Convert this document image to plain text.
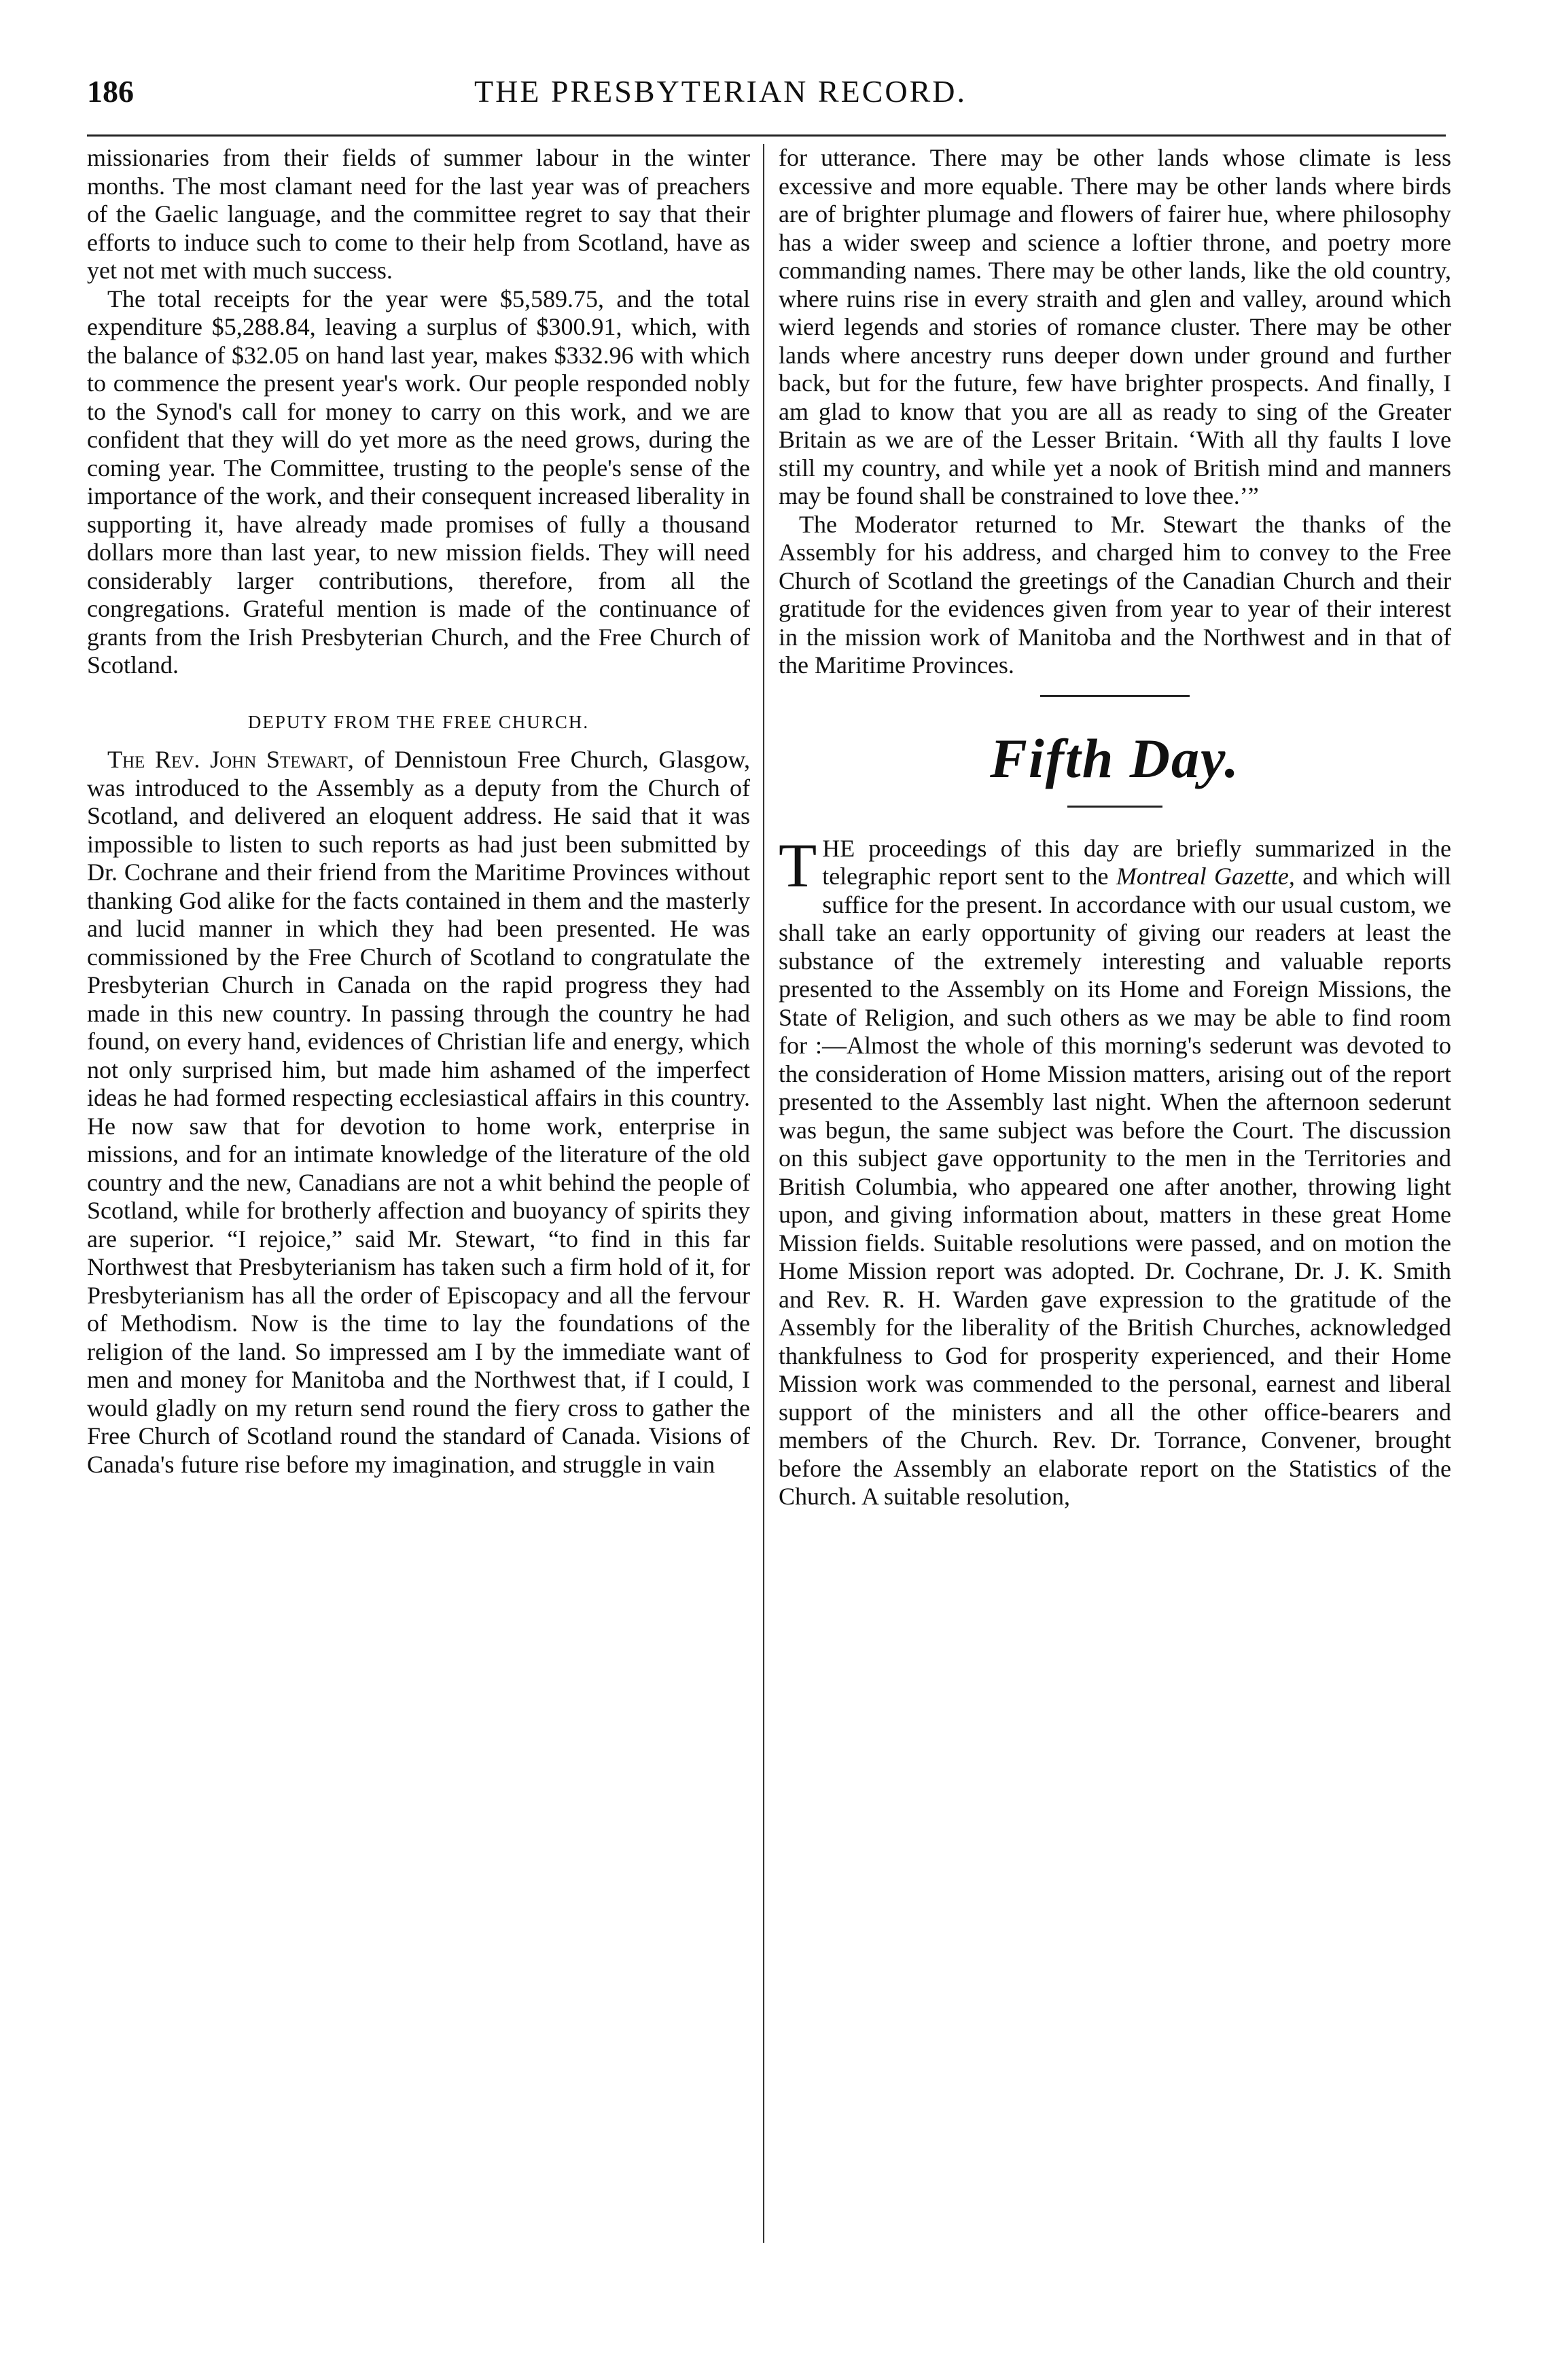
186	THE PRESBYTERIAN RECORD.

missionaries from their fields of summer labour in the winter months. The most clamant need for the last year was of preachers of the Gaelic language, and the committee regret to say that their efforts to induce such to come to their help from Scotland, have as yet not met with much success.

The total receipts for the year were $5,589.75, and the total expenditure $5,288.84, leaving a surplus of $300.91, which, with the balance of $32.05 on hand last year, makes $332.96 with which to commence the present year's work. Our people responded nobly to the Synod's call for money to carry on this work, and we are confident that they will do yet more as the need grows, during the coming year. The Committee, trusting to the people's sense of the importance of the work, and their consequent increased liberality in supporting it, have already made promises of fully a thousand dollars more than last year, to new mission fields. They will need considerably larger contributions, therefore, from all the congregations. Grateful mention is made of the continuance of grants from the Irish Presbyterian Church, and the Free Church of Scotland.

DEPUTY FROM THE FREE CHURCH.

The Rev. John Stewart, of Dennistoun Free Church, Glasgow, was introduced to the Assembly as a deputy from the Church of Scotland, and delivered an eloquent address. He said that it was impossible to listen to such reports as had just been submitted by Dr. Cochrane and their friend from the Maritime Provinces without thanking God alike for the facts contained in them and the masterly and lucid manner in which they had been presented. He was commissioned by the Free Church of Scotland to congratulate the Presbyterian Church in Canada on the rapid progress they had made in this new country. In passing through the country he had found, on every hand, evidences of Christian life and energy, which not only surprised him, but made him ashamed of the imperfect ideas he had formed respecting ecclesiastical affairs in this country. He now saw that for devotion to home work, enterprise in missions, and for an intimate knowledge of the literature of the old country and the new, Canadians are not a whit behind the people of Scotland, while for brotherly affection and buoyancy of spirits they are superior. “I rejoice,” said Mr. Stewart, “to find in this far Northwest that Presbyterianism has taken such a firm hold of it, for Presbyterianism has all the order of Episcopacy and all the fervour of Methodism. Now is the time to lay the foundations of the religion of the land. So impressed am I by the immediate want of men and money for Manitoba and the Northwest that, if I could, I would gladly on my return send round the fiery cross to gather the Free Church of Scotland round the standard of Canada. Visions of Canada's future rise before my imagination, and struggle in vain

for utterance. There may be other lands whose climate is less excessive and more equable. There may be other lands where birds are of brighter plumage and flowers of fairer hue, where philosophy has a wider sweep and science a loftier throne, and poetry more commanding names. There may be other lands, like the old country, where ruins rise in every straith and glen and valley, around which wierd legends and stories of romance cluster. There may be other lands where ancestry runs deeper down under ground and further back, but for the future, few have brighter prospects. And finally, I am glad to know that you are all as ready to sing of the Greater Britain as we are of the Lesser Britain. ‘With all thy faults I love still my country, and while yet a nook of British mind and manners may be found shall be constrained to love thee.’”

The Moderator returned to Mr. Stewart the thanks of the Assembly for his address, and charged him to convey to the Free Church of Scotland the greetings of the Canadian Church and their gratitude for the evidences given from year to year of their interest in the mission work of Manitoba and the Northwest and in that of the Maritime Provinces.

Fifth Day.

THE proceedings of this day are briefly summarized in the telegraphic report sent to the Montreal Gazette, and which will suffice for the present. In accordance with our usual custom, we shall take an early opportunity of giving our readers at least the substance of the extremely interesting and valuable reports presented to the Assembly on its Home and Foreign Missions, the State of Religion, and such others as we may be able to find room for :—Almost the whole of this morning's sederunt was devoted to the consideration of Home Mission matters, arising out of the report presented to the Assembly last night. When the afternoon sederunt was begun, the same subject was before the Court. The discussion on this subject gave opportunity to the men in the Territories and British Columbia, who appeared one after another, throwing light upon, and giving information about, matters in these great Home Mission fields. Suitable resolutions were passed, and on motion the Home Mission report was adopted. Dr. Cochrane, Dr. J. K. Smith and Rev. R. H. Warden gave expression to the gratitude of the Assembly for the liberality of the British Churches, acknowledged thankfulness to God for prosperity experienced, and their Home Mission work was commended to the personal, earnest and liberal support of the ministers and all the other office-bearers and members of the Church. Rev. Dr. Torrance, Convener, brought before the Assembly an elaborate report on the Statistics of the Church. A suitable resolution,
